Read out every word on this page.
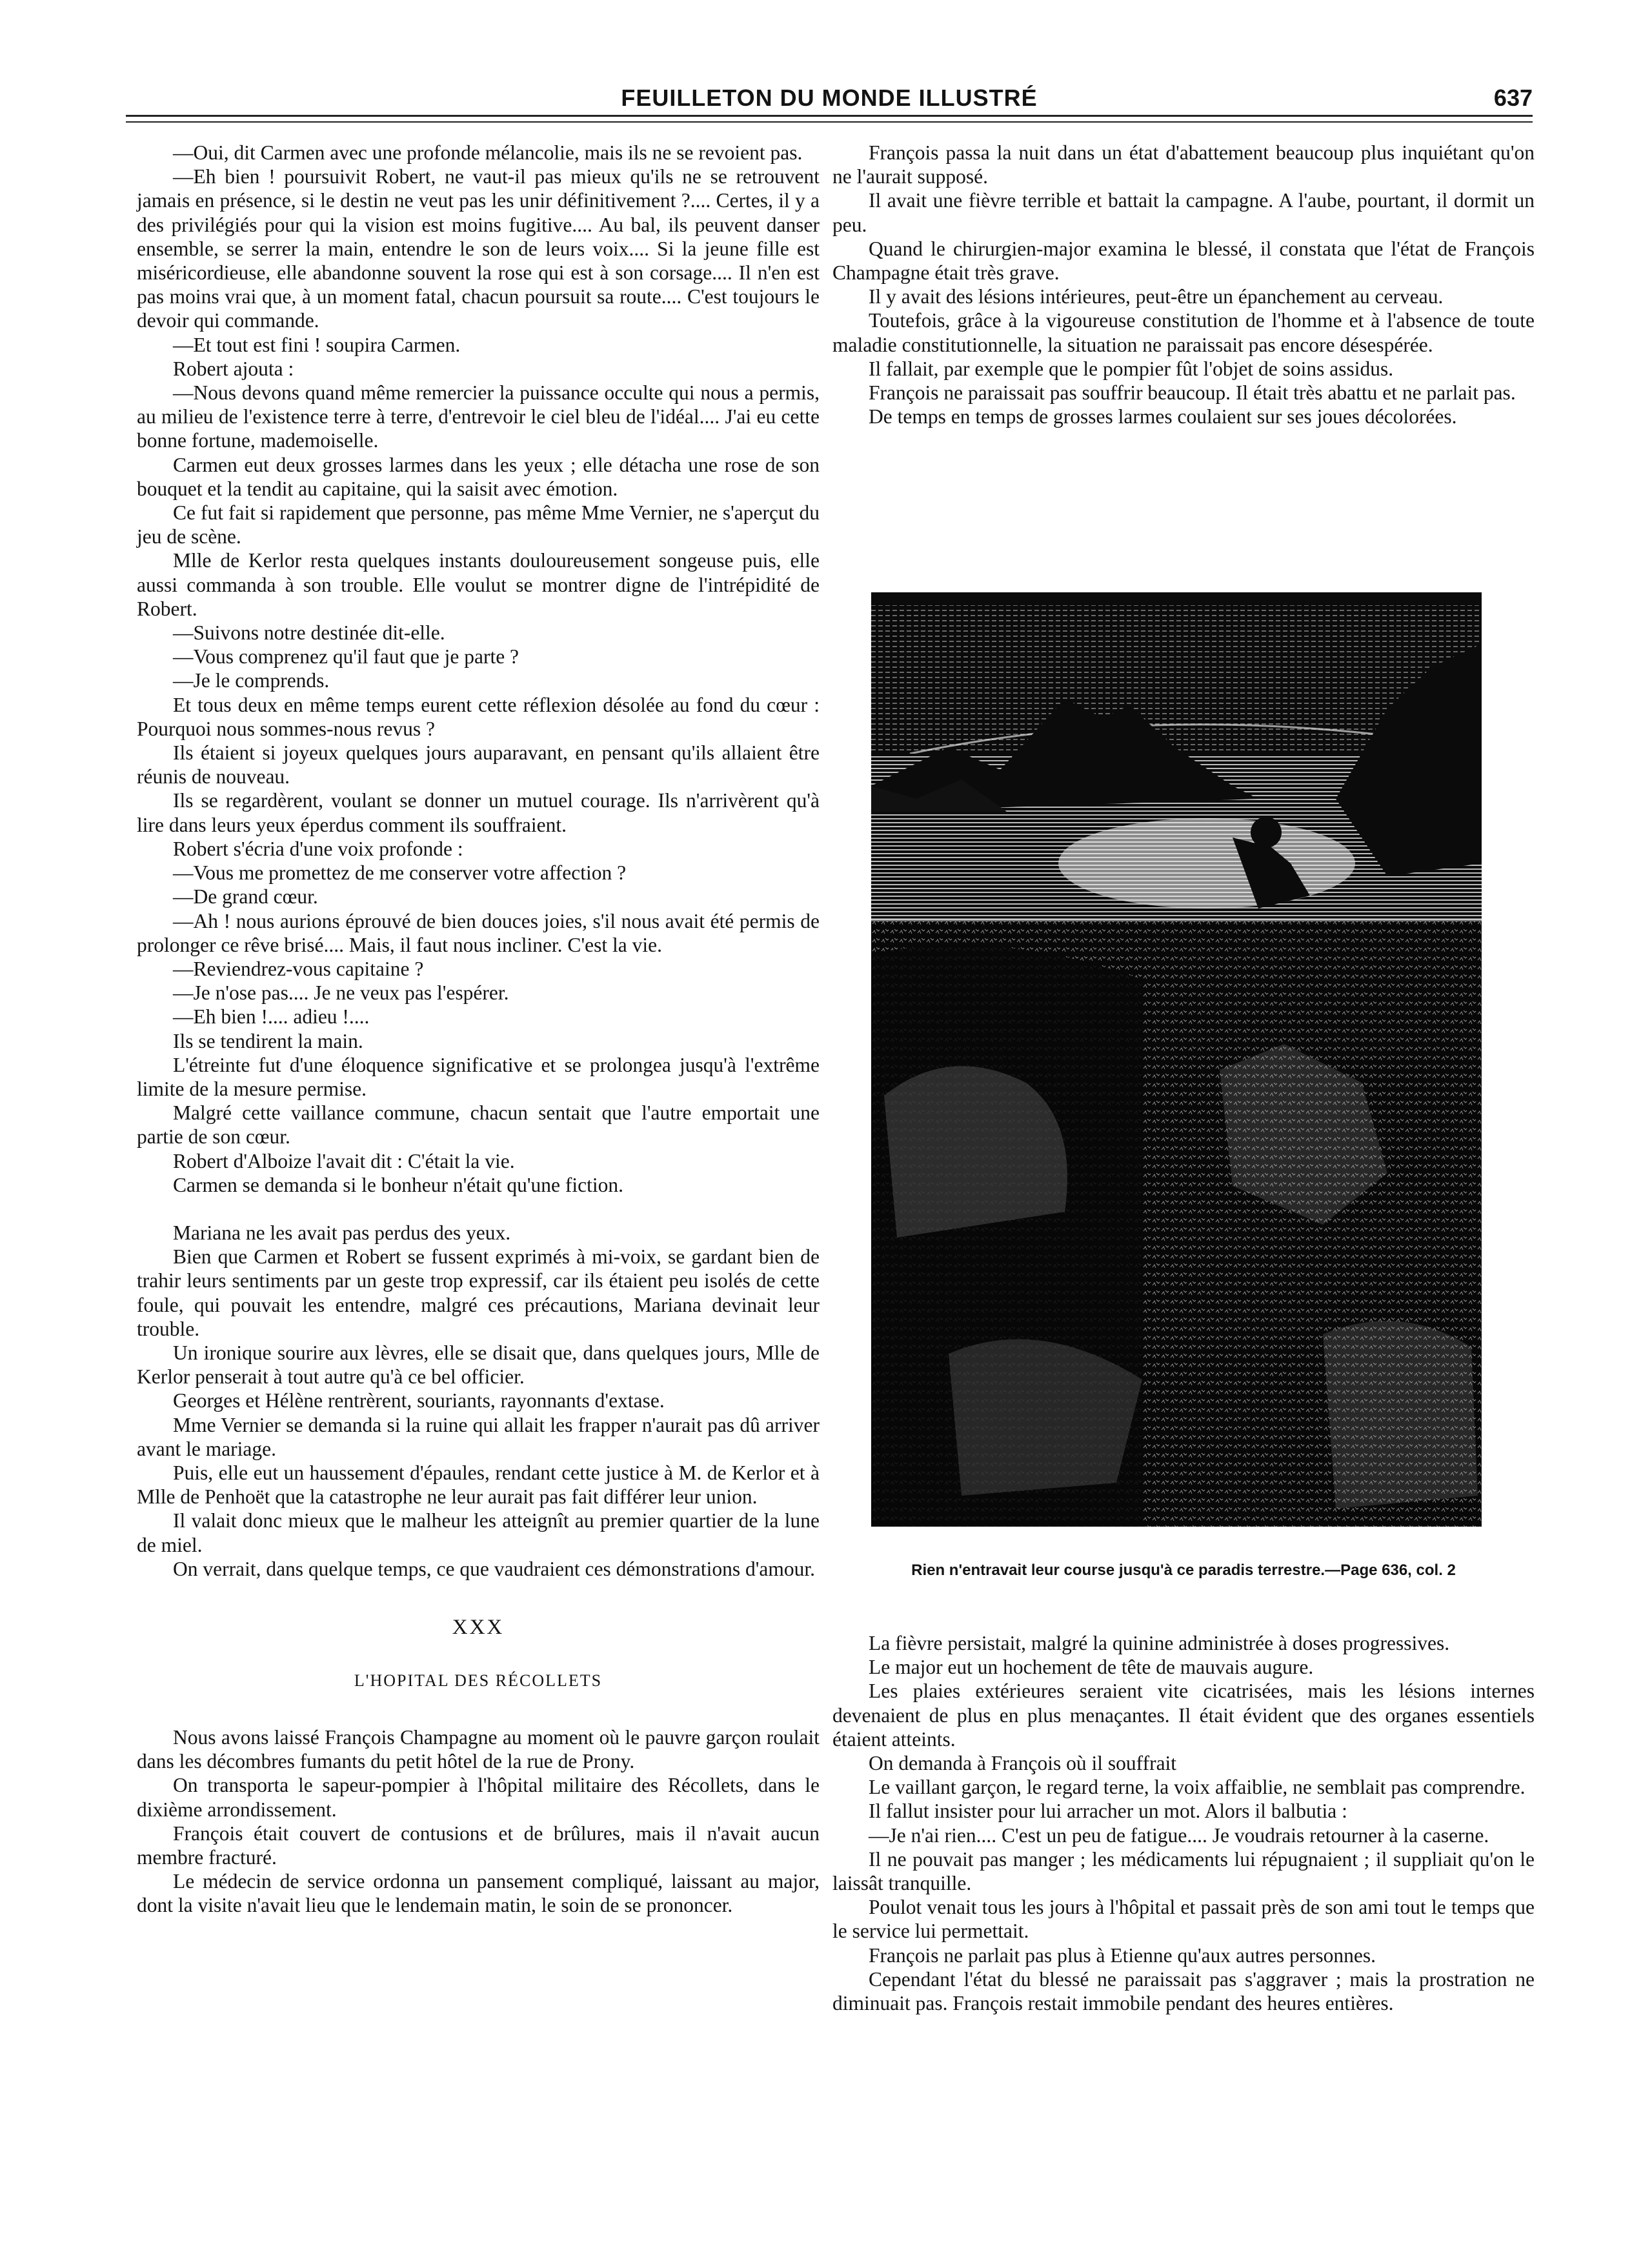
FEUILLETON DU MONDE ILLUSTRÉ	637

—Oui, dit Carmen avec une profonde mélancolie, mais ils ne se revoient pas.

—Eh bien ! poursuivit Robert, ne vaut-il pas mieux qu'ils ne se retrouvent jamais en présence, si le destin ne veut pas les unir définitivement ?.... Certes, il y a des privilégiés pour qui la vision est moins fugitive.... Au bal, ils peuvent danser ensemble, se serrer la main, entendre le son de leurs voix.... Si la jeune fille est miséricordieuse, elle abandonne souvent la rose qui est à son corsage.... Il n'en est pas moins vrai que, à un moment fatal, chacun poursuit sa route.... C'est toujours le devoir qui commande.

—Et tout est fini ! soupira Carmen.

Robert ajouta :

—Nous devons quand même remercier la puissance occulte qui nous a permis, au milieu de l'existence terre à terre, d'entrevoir le ciel bleu de l'idéal.... J'ai eu cette bonne fortune, mademoiselle.

Carmen eut deux grosses larmes dans les yeux ; elle détacha une rose de son bouquet et la tendit au capitaine, qui la saisit avec émotion.

Ce fut fait si rapidement que personne, pas même Mme Vernier, ne s'aperçut du jeu de scène.

Mlle de Kerlor resta quelques instants douloureusement songeuse puis, elle aussi commanda à son trouble. Elle voulut se montrer digne de l'intrépidité de Robert.

—Suivons notre destinée dit-elle.

—Vous comprenez qu'il faut que je parte ?

—Je le comprends.

Et tous deux en même temps eurent cette réflexion désolée au fond du cœur : Pourquoi nous sommes-nous revus ?

Ils étaient si joyeux quelques jours auparavant, en pensant qu'ils allaient être réunis de nouveau.

Ils se regardèrent, voulant se donner un mutuel courage. Ils n'arrivèrent qu'à lire dans leurs yeux éperdus comment ils souffraient.

Robert s'écria d'une voix profonde :

—Vous me promettez de me conserver votre affection ?

—De grand cœur.

—Ah ! nous aurions éprouvé de bien douces joies, s'il nous avait été permis de prolonger ce rêve brisé.... Mais, il faut nous incliner. C'est la vie.

—Reviendrez-vous capitaine ?

—Je n'ose pas.... Je ne veux pas l'espérer.

—Eh bien !.... adieu !....

Ils se tendirent la main.

L'étreinte fut d'une éloquence significative et se prolongea jusqu'à l'extrême limite de la mesure permise.

Malgré cette vaillance commune, chacun sentait que l'autre emportait une partie de son cœur.

Robert d'Alboize l'avait dit : C'était la vie.

Carmen se demanda si le bonheur n'était qu'une fiction.

Mariana ne les avait pas perdus des yeux.

Bien que Carmen et Robert se fussent exprimés à mi-voix, se gardant bien de trahir leurs sentiments par un geste trop expressif, car ils étaient peu isolés de cette foule, qui pouvait les entendre, malgré ces précautions, Mariana devinait leur trouble.

Un ironique sourire aux lèvres, elle se disait que, dans quelques jours, Mlle de Kerlor penserait à tout autre qu'à ce bel officier.

Georges et Hélène rentrèrent, souriants, rayonnants d'extase.

Mme Vernier se demanda si la ruine qui allait les frapper n'aurait pas dû arriver avant le mariage.

Puis, elle eut un haussement d'épaules, rendant cette justice à M. de Kerlor et à Mlle de Penhoët que la catastrophe ne leur aurait pas fait différer leur union.

Il valait donc mieux que le malheur les atteignît au premier quartier de la lune de miel.

On verrait, dans quelque temps, ce que vaudraient ces démonstrations d'amour.

XXX
L'HOPITAL DES RÉCOLLETS

Nous avons laissé François Champagne au moment où le pauvre garçon roulait dans les décombres fumants du petit hôtel de la rue de Prony.

On transporta le sapeur-pompier à l'hôpital militaire des Récollets, dans le dixième arrondissement.

François était couvert de contusions et de brûlures, mais il n'avait aucun membre fracturé.

Le médecin de service ordonna un pansement compliqué, laissant au major, dont la visite n'avait lieu que le lendemain matin, le soin de se prononcer.

François passa la nuit dans un état d'abattement beaucoup plus inquiétant qu'on ne l'aurait supposé.

Il avait une fièvre terrible et battait la campagne. A l'aube, pourtant, il dormit un peu.

Quand le chirurgien-major examina le blessé, il constata que l'état de François Champagne était très grave.

Il y avait des lésions intérieures, peut-être un épanchement au cerveau.

Toutefois, grâce à la vigoureuse constitution de l'homme et à l'absence de toute maladie constitutionnelle, la situation ne paraissait pas encore désespérée.

Il fallait, par exemple que le pompier fût l'objet de soins assidus.

François ne paraissait pas souffrir beaucoup. Il était très abattu et ne parlait pas.

De temps en temps de grosses larmes coulaient sur ses joues décolorées.

Rien n'entravait leur course jusqu'à ce paradis terrestre.—Page 636, col. 2

La fièvre persistait, malgré la quinine administrée à doses progressives.

Le major eut un hochement de tête de mauvais augure.

Les plaies extérieures seraient vite cicatrisées, mais les lésions internes devenaient de plus en plus menaçantes. Il était évident que des organes essentiels étaient atteints.

On demanda à François où il souffrait

Le vaillant garçon, le regard terne, la voix affaiblie, ne semblait pas comprendre.

Il fallut insister pour lui arracher un mot. Alors il balbutia :

—Je n'ai rien.... C'est un peu de fatigue.... Je voudrais retourner à la caserne.

Il ne pouvait pas manger ; les médicaments lui répugnaient ; il suppliait qu'on le laissât tranquille.

Poulot venait tous les jours à l'hôpital et passait près de son ami tout le temps que le service lui permettait.

François ne parlait pas plus à Etienne qu'aux autres personnes.

Cependant l'état du blessé ne paraissait pas s'aggraver ; mais la prostration ne diminuait pas. François restait immobile pendant des heures entières.
